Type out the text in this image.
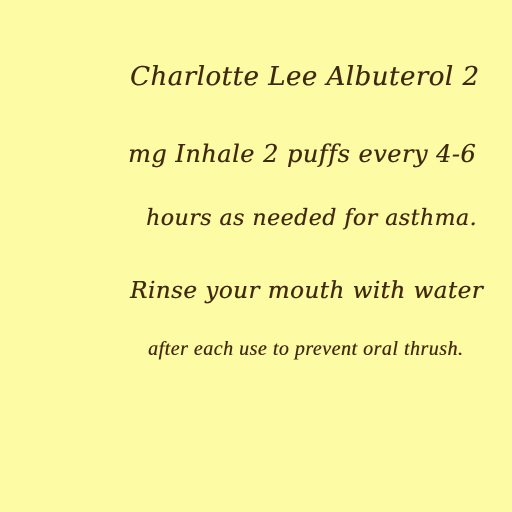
Charlotte Lee Albuterol 2
mg Inhale 2 puffs every 4-6
hours as needed for asthma.
Rinse your mouth with water
after each use to prevent oral thrush.
